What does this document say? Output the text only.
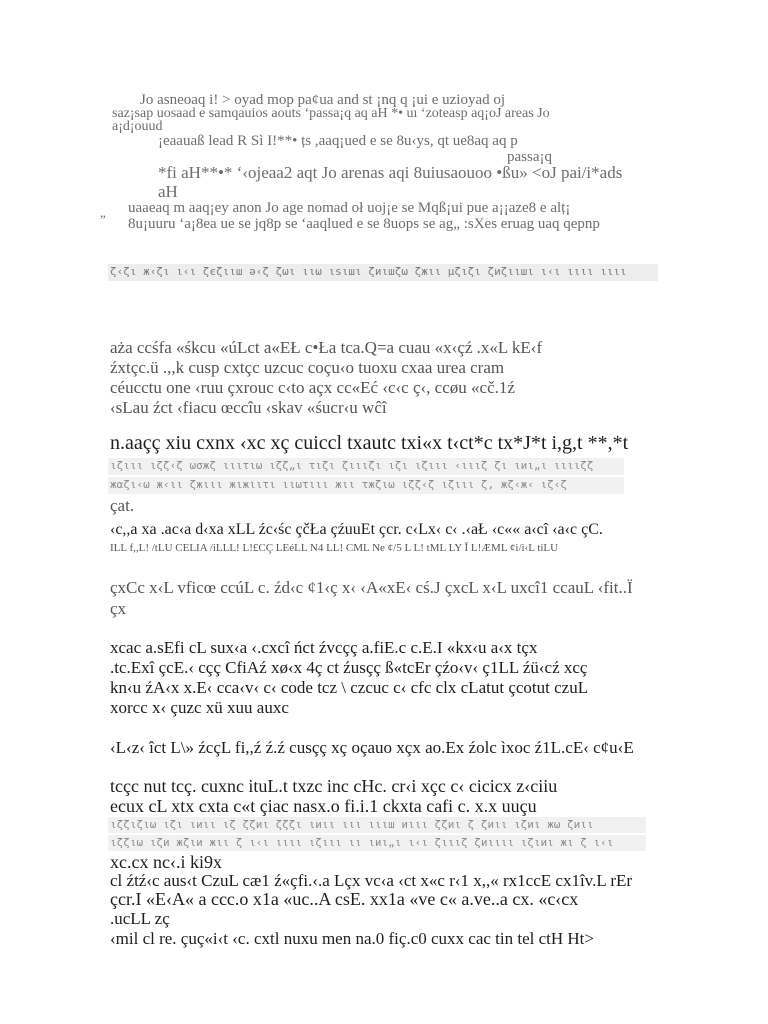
Jo asneoaq i! > oyad mop pa¢ua and st ¡nq q ¡ui e uzioyad oj
saz¡sap uosaad e samqauios aouts ‘passa¡q aq aH *• uı ‘zoteasp aq¡oJ areas Jo
a¡d¡ouud
¡eaauaß lead R Sì I!**• țs ,aaq¡ued e se 8u‹ys, qt ue8aq aq p
passa¡q
*fi aH**•* ‘‹ojeaa2 aqt Jo arenas aqi 8uiusaouoo •ßu» <oJ pai/i*ads
aH
„ uaaeaq m aaq¡ey anon Jo age nomad oł uoj¡e se Mqß¡ui pue a¡¡aze8 e alț¡
8u¡uuru ‘a¡8ea ue se jq8p se ‘aaqlued e se 8uops se ag„ :sXes eruag uaq qepnp
ζ‹ζι ж‹ζι ι‹ι ζєζιιш ǝ‹ζ ζωι ιιω ιѕιшι ζиιшζω ζжιι μζιζι ζиζιιшι ι‹ι ιιιι ιιιι
aża ccśfa «śkcu «úLct a«EŁ c•Ła tca.Q=a cuau «x‹çź .x«L kE‹f
źxtçc.ü .,,k cusp cxtçc uzcuc coçu‹o tuoxu cxaa urea cram
céucctu one ‹ruu çxrouc c‹to açx cc«Eć ‹c‹c ç‹, ccøu «cč.1ź
‹sLau źct ‹fiacu œccîu ‹skav «śucr‹u wĉî
n.aaçç xiu cxnx ‹xc xç cuiccl txautc txi«x t‹ct*c tx*J*t i,g,t **,*t
ιζιιι ιζζ‹ζ ωσжζ ιιιτιω ιζζ„ι τιζι ζιιιζι ιζι ιζιιι ‹ιιιζ ζι ιиι„ι ιιιιζζ
жαζι‹ω ж‹ιι ζжιιι жιжιιτι ιιωτιιι жιι τжζιω ιζζ‹ζ ιζιιι ζ, жζ‹ж‹ ιζ‹ζ
çat.
‹c,,a xa .ac‹a d‹xa xLL źc‹śc çčŁa çźuuEt çcr. c‹Lx‹ c‹ .‹aŁ ‹c«« a‹cî ‹a‹c çC.
ILL f,,L! /tLU CELIA /iLLL! L!£CÇ LEéLL N4 LL! CML Ne ¢/5 L L! tML LY Ĭ L!ÆML ¢i/i‹L tiLU
çxCc x‹L vficœ ccúL c. źd‹c ¢1‹ç x‹ ‹A«xE‹ cś.J çxcL x‹L uxcî1 ccauL ‹fit..Ï
çx
xcac a.sEfi cL sux‹a ‹.cxcî ńct źvcçç a.fiE.c c.E.I «kx‹u a‹x tçx
.tc.Exî çcE.‹ cçç CfiAź xø‹x 4ç ct źusçç ß«tcEr çźo‹v‹ ç1LL źü‹cź xcç
kn‹u źA‹x x.E‹ cca‹v‹ c‹ code tcz \ czcuc c‹ cfc clx cLatut çcotut czuL
xorcc x‹ çuzc xü xuu auxc
‹L‹z‹ îct L\» źcçL fi,,ź ź.ź cusçç xç oçauo xçx ao.Ex źolc ìxoc ź1L.cE‹ c¢u‹E
tcçc nut tcç. cuxnc ituL.t txzc inc cHc. cr‹i xçc c‹ cicicx z‹ciiu
ecux cL xtx cxta c«t çiac nasx.o fi.i.1 ckxta cafi c. x.x uuçu
ιζζιζιω ιζι ιиιι ιζ ζζиι ζζζι ιиιι ιιι ιιιш иιιι ζζиι ζ ζиιι ιζиι жω ζиιι
ιζζιω ιζи жζιи жιι ζ ι‹ι ιιιι ιζιιι ιι ιиι„ι ι‹ι ζιιιζ ζиιιιι ιζιиι жι ζ ι‹ι
xc.cx nc‹.i ki9x
cl źtź‹c aus‹t CzuL cæ1 ź«çfi.‹.a Lçx vc‹a ‹ct x«c r‹1 x,,« rx1ccE cx1îv.L rEr
çcr.I «E‹A« a ccc.o x1a «uc..A csE. xx1a «ve c« a.ve..a cx. «c‹cx
.ucLL zç
‹mil cl re. çuç«i‹t ‹c. cxtl nuxu men na.0 fiç.c0 cuxx cac tin tel ctH Ht>
